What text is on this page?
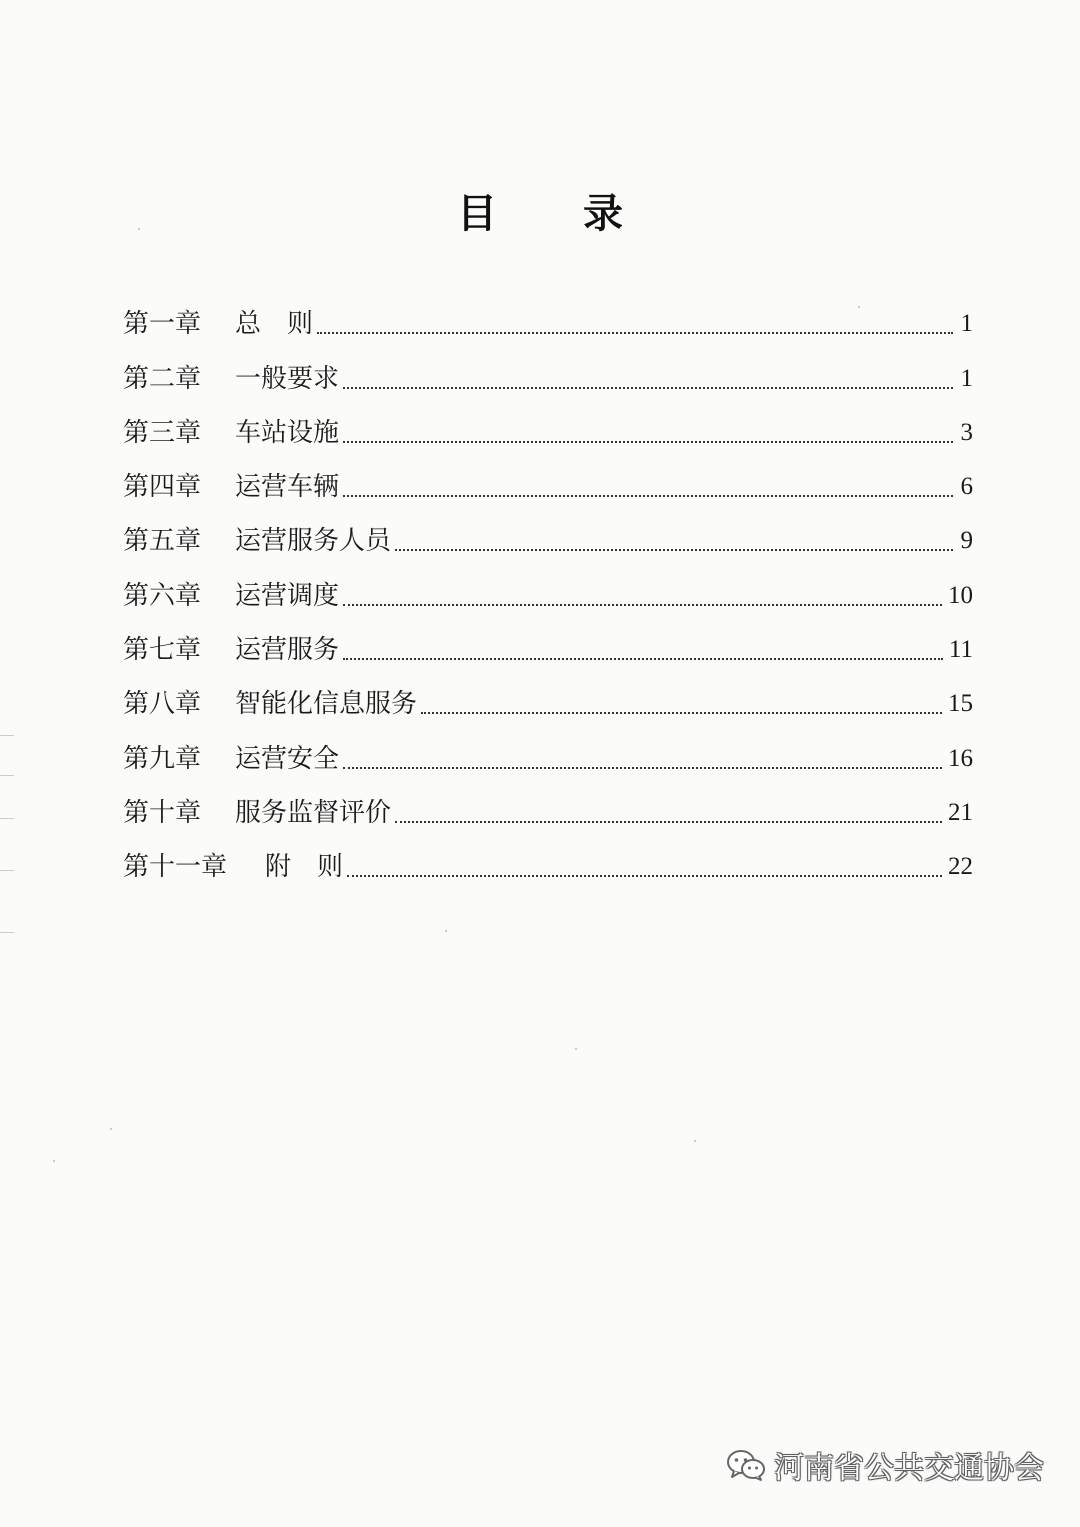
目 录
第一章	总　则	1
第二章	一般要求	1
第三章	车站设施	3
第四章	运营车辆	6
第五章	运营服务人员	9
第六章	运营调度	10
第七章	运营服务	11
第八章	智能化信息服务	15
第九章	运营安全	16
第十章	服务监督评价	21
第十一章	附　则	22
河南省公共交通协会
